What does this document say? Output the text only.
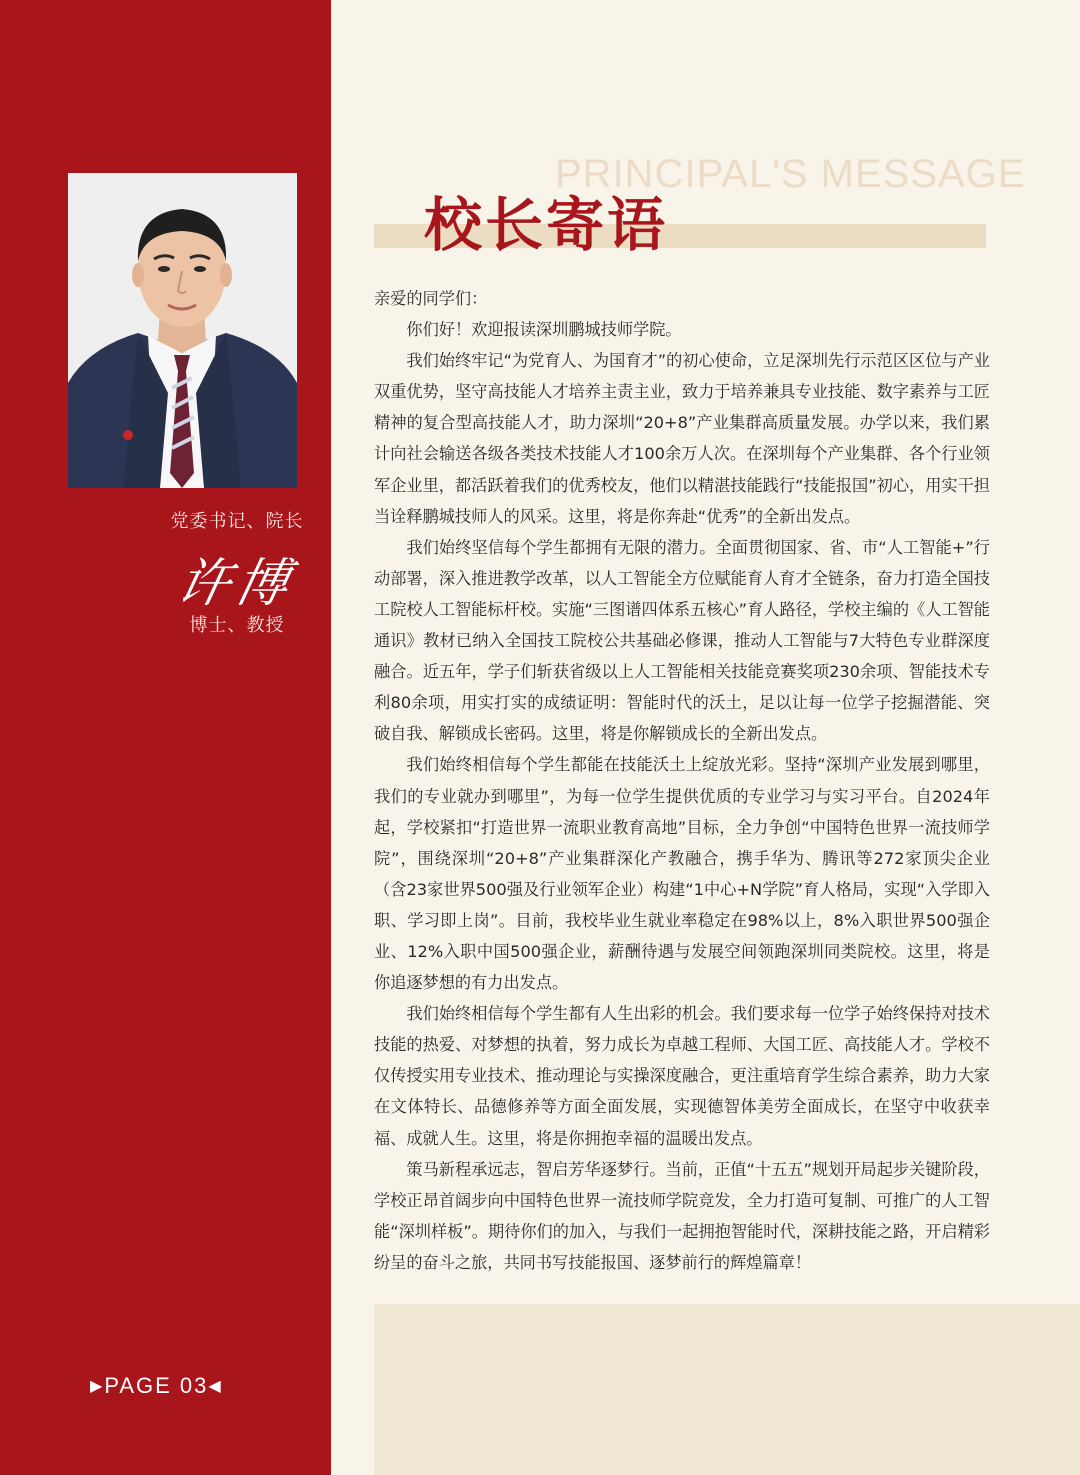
党委书记、院长
许博
博士、教授
▶PAGE 03◀
PRINCIPAL'S MESSAGE
校长寄语

亲爱的同学们：

你们好！欢迎报读深圳鹏城技师学院。

我们始终牢记“为党育人、为国育才”的初心使命，立足深圳先行示范区区位与产业双重优势，坚守高技能人才培养主责主业，致力于培养兼具专业技能、数字素养与工匠精神的复合型高技能人才，助力深圳“20+8”产业集群高质量发展。办学以来，我们累计向社会输送各级各类技术技能人才100余万人次。在深圳每个产业集群、各个行业领军企业里，都活跃着我们的优秀校友，他们以精湛技能践行“技能报国”初心，用实干担当诠释鹏城技师人的风采。这里，将是你奔赴“优秀”的全新出发点。

我们始终坚信每个学生都拥有无限的潜力。全面贯彻国家、省、市“人工智能+”行动部署，深入推进教学改革，以人工智能全方位赋能育人育才全链条，奋力打造全国技工院校人工智能标杆校。实施“三图谱四体系五核心”育人路径，学校主编的《人工智能通识》教材已纳入全国技工院校公共基础必修课，推动人工智能与7大特色专业群深度融合。近五年，学子们斩获省级以上人工智能相关技能竞赛奖项230余项、智能技术专利80余项，用实打实的成绩证明：智能时代的沃土，足以让每一位学子挖掘潜能、突破自我、解锁成长密码。这里，将是你解锁成长的全新出发点。

我们始终相信每个学生都能在技能沃土上绽放光彩。坚持“深圳产业发展到哪里，我们的专业就办到哪里”，为每一位学生提供优质的专业学习与实习平台。自2024年起，学校紧扣“打造世界一流职业教育高地”目标，全力争创“中国特色世界一流技师学院”，围绕深圳“20+8”产业集群深化产教融合，携手华为、腾讯等272家顶尖企业（含23家世界500强及行业领军企业）构建“1中心+N学院”育人格局，实现“入学即入职、学习即上岗”。目前，我校毕业生就业率稳定在98%以上，8%入职世界500强企业、12%入职中国500强企业，薪酬待遇与发展空间领跑深圳同类院校。这里，将是你追逐梦想的有力出发点。

我们始终相信每个学生都有人生出彩的机会。我们要求每一位学子始终保持对技术技能的热爱、对梦想的执着，努力成长为卓越工程师、大国工匠、高技能人才。学校不仅传授实用专业技术、推动理论与实操深度融合，更注重培育学生综合素养，助力大家在文体特长、品德修养等方面全面发展，实现德智体美劳全面成长，在坚守中收获幸福、成就人生。这里，将是你拥抱幸福的温暖出发点。

策马新程承远志，智启芳华逐梦行。当前，正值“十五五”规划开局起步关键阶段，学校正昂首阔步向中国特色世界一流技师学院竞发，全力打造可复制、可推广的人工智能“深圳样板”。期待你们的加入，与我们一起拥抱智能时代，深耕技能之路，开启精彩纷呈的奋斗之旅，共同书写技能报国、逐梦前行的辉煌篇章！
